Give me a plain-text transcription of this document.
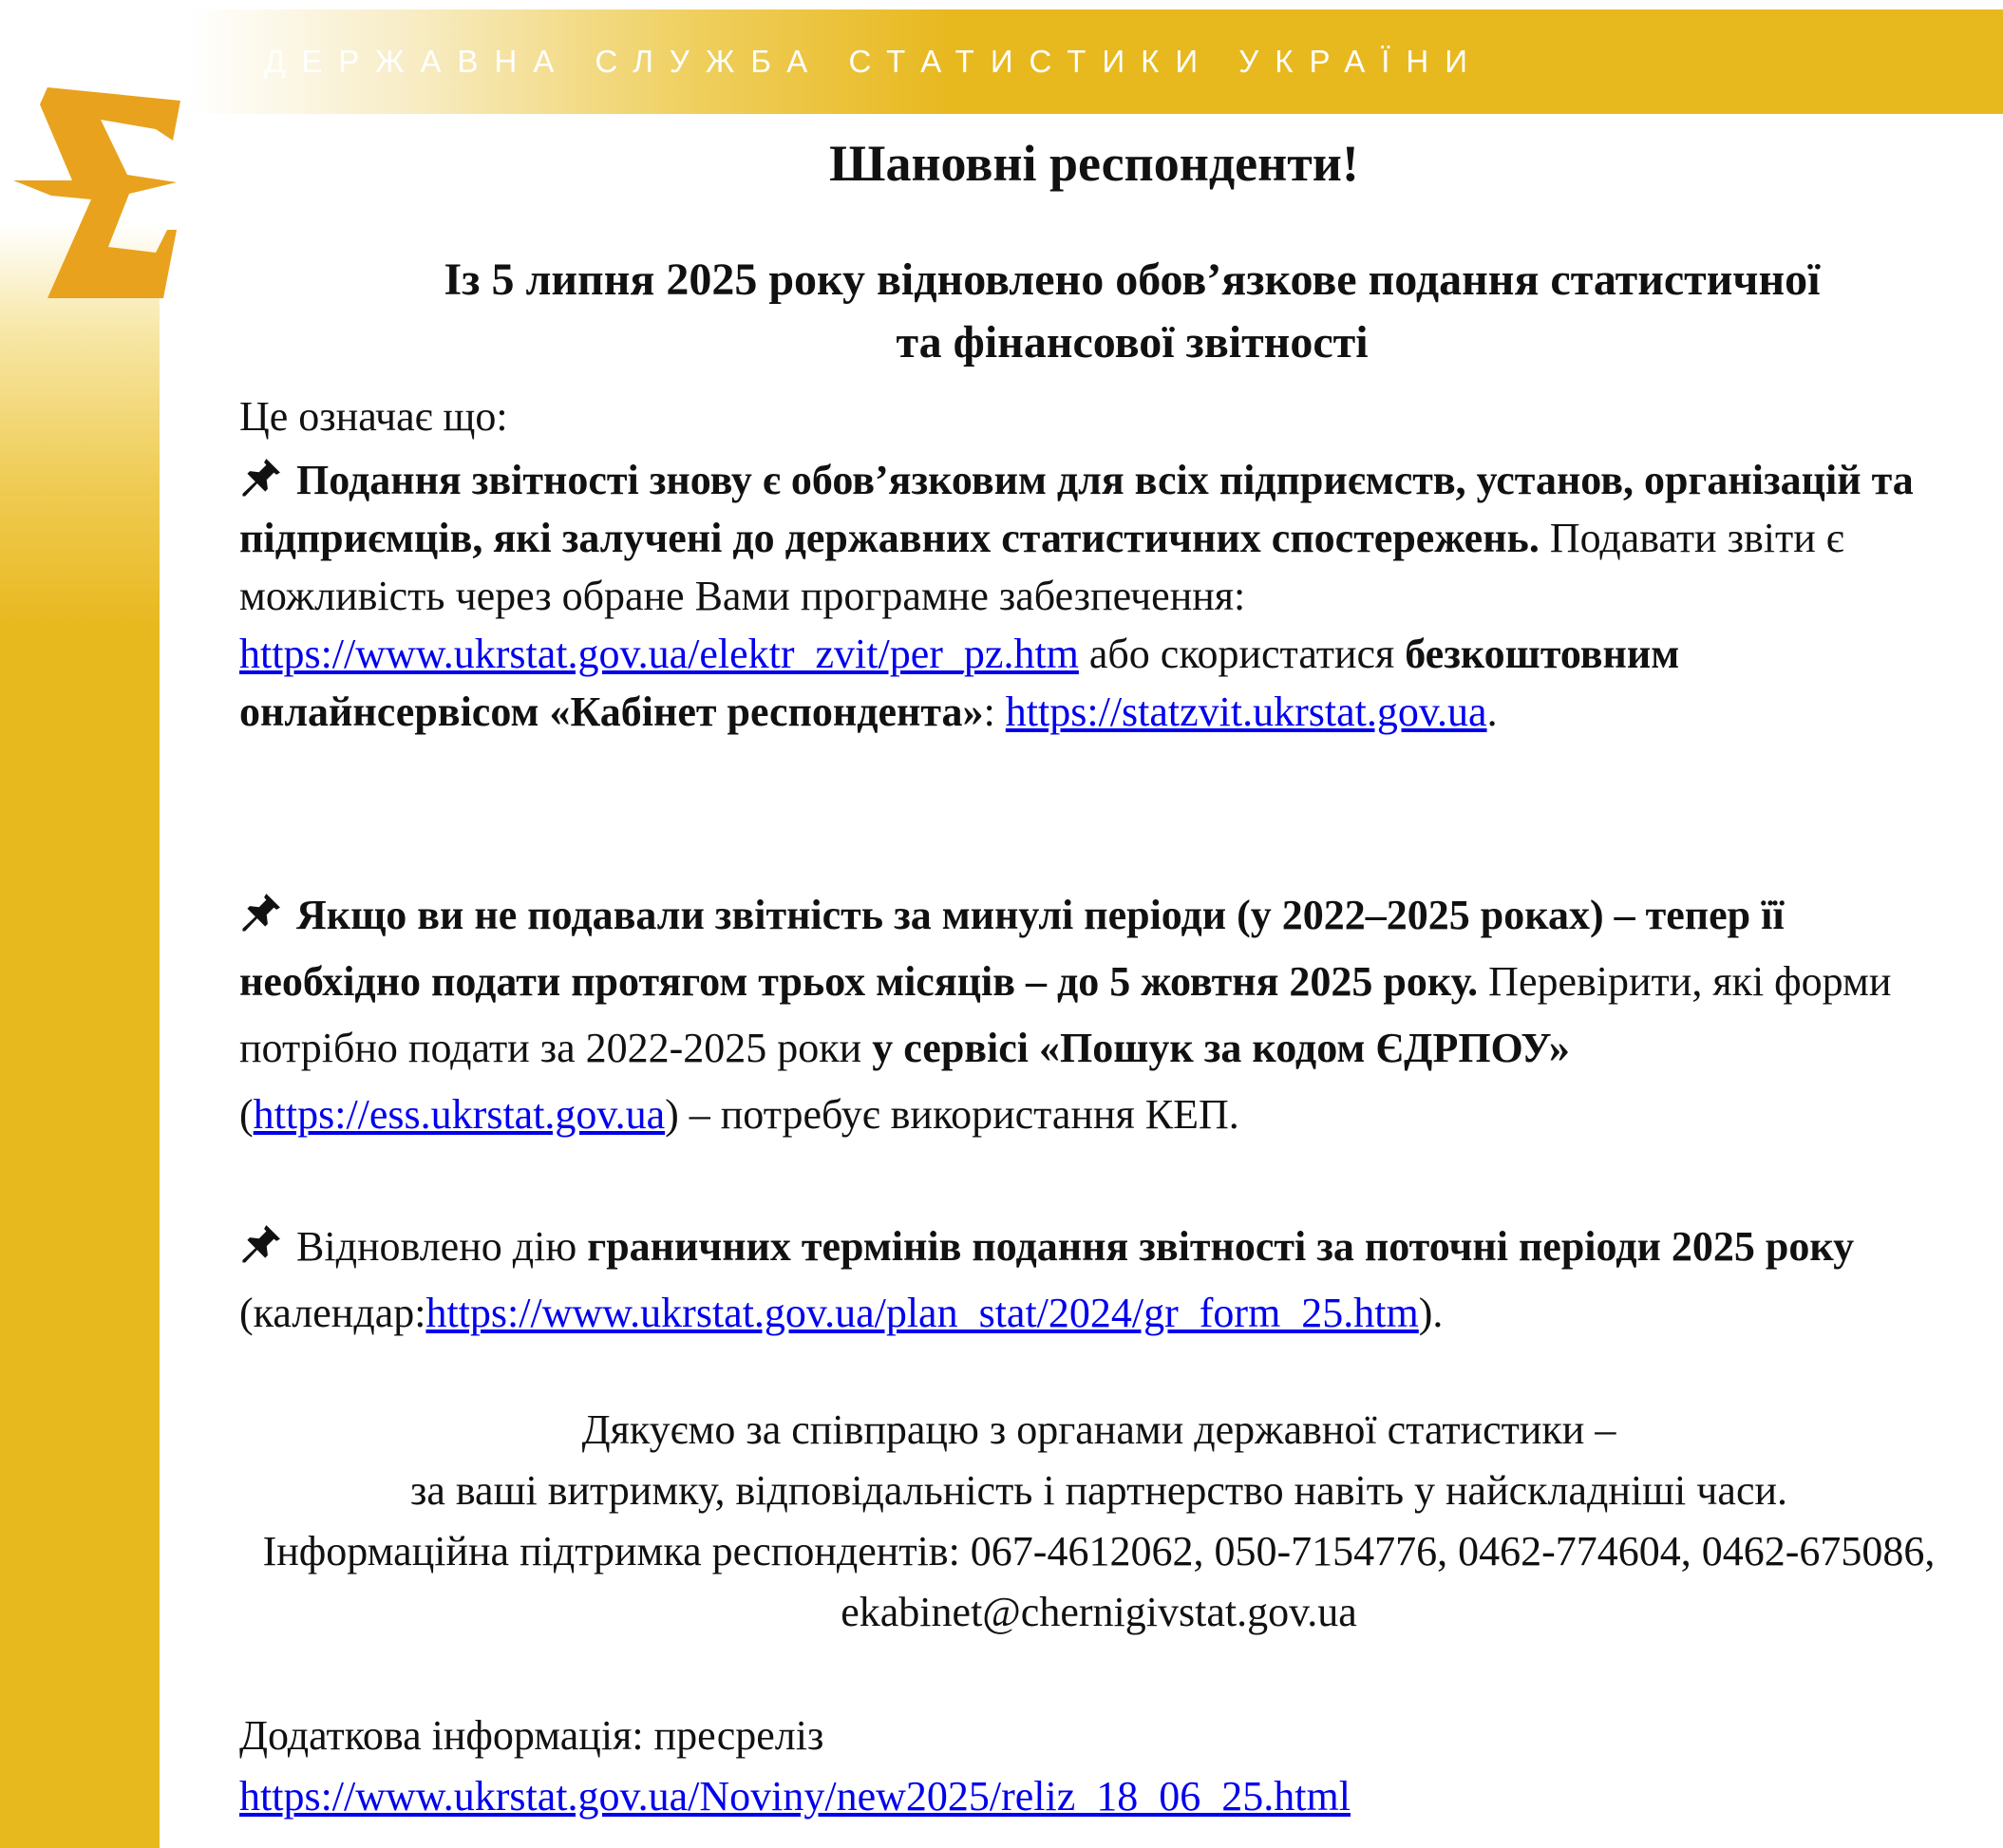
ДЕРЖАВНА СЛУЖБА СТАТИСТИКИ УКРАЇНИ
Шановні респонденти!
Із 5 липня 2025 року відновлено обов’язкове подання статистичної
та фінансової звітності
Це означає що:
Подання звітності знову є обов’язковим для всіх підприємств, установ, організацій та підприємців, які залучені до державних статистичних спостережень. Подавати звіти є можливість через обране Вами програмне забезпечення:
https://www.ukrstat.gov.ua/elektr_zvit/per_pz.htm або скористатися безкоштовним онлайнсервісом «Кабінет респондента»: https://statzvit.ukrstat.gov.ua.
Якщо ви не подавали звітність за минулі періоди (у 2022–2025 роках) – тепер її необхідно подати протягом трьох місяців – до 5 жовтня 2025 року. Перевірити, які форми потрібно подати за 2022-2025 роки у сервісі «Пошук за кодом ЄДРПОУ»
(https://ess.ukrstat.gov.ua) – потребує використання КЕП.
Відновлено дію граничних термінів подання звітності за поточні періоди 2025 року (календар:https://www.ukrstat.gov.ua/plan_stat/2024/gr_form_25.htm).
Дякуємо за співпрацю з органами державної статистики –
за ваші витримку, відповідальність і партнерство навіть у найскладніші часи.
Інформаційна підтримка респондентів: 067-4612062, 050-7154776, 0462-774604, 0462-675086, ekabinet@chernigivstat.gov.ua
Додаткова інформація: пресреліз
https://www.ukrstat.gov.ua/Noviny/new2025/reliz_18_06_25.html
